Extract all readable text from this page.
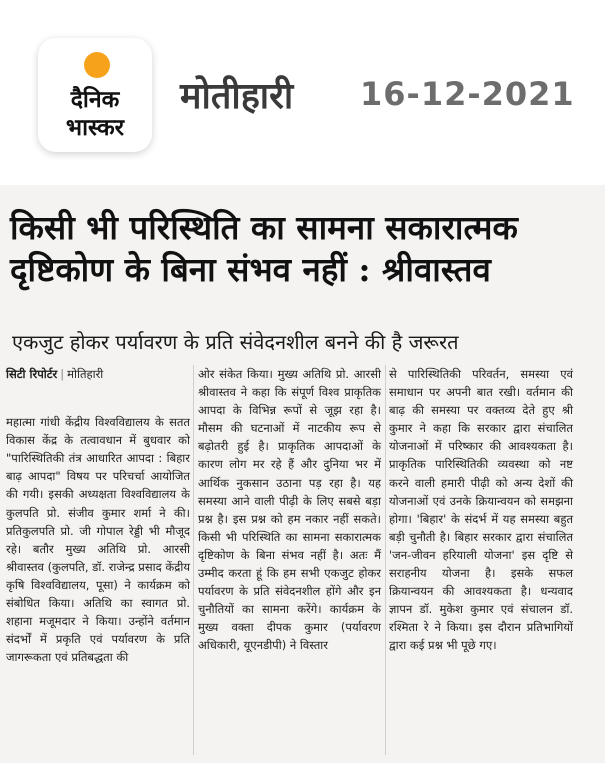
दैनिक
भास्कर
मोतीहारी 16-12-2021
किसी भी परिस्थिति का सामना सकारात्मक
दृष्टिकोण के बिना संभव नहीं : श्रीवास्तव
एकजुट होकर पर्यावरण के प्रति संवेदनशील बनने की है जरूरत
सिटी रिपोर्टर | मोतिहारी

महात्मा गांधी केंद्रीय विश्वविद्यालय के सतत विकास केंद्र के तत्वावधान में बुधवार को "पारिस्थितिकी तंत्र आधारित आपदा : बिहार बाढ़ आपदा" विषय पर परिचर्चा आयोजित की गयी। इसकी अध्यक्षता विश्वविद्यालय के कुलपति प्रो. संजीव कुमार शर्मा ने की। प्रतिकुलपति प्रो. जी गोपाल रेड्डी भी मौजूद रहे। बतौर मुख्य अतिथि प्रो. आरसी श्रीवास्तव (कुलपति, डॉ. राजेन्द्र प्रसाद केंद्रीय कृषि विश्वविद्यालय, पूसा) ने कार्यक्रम को संबोधित किया। अतिथि का स्वागत प्रो. शहाना मजूमदार ने किया। उन्होंने वर्तमान संदर्भों में प्रकृति एवं पर्यावरण के प्रति जागरूकता एवं प्रतिबद्धता की

ओर संकेत किया। मुख्य अतिथि प्रो. आरसी श्रीवास्तव ने कहा कि संपूर्ण विश्व प्राकृतिक आपदा के विभिन्न रूपों से जूझ रहा है। मौसम की घटनाओं में नाटकीय रूप से बढ़ोतरी हुई है। प्राकृतिक आपदाओं के कारण लोग मर रहे हैं और दुनिया भर में आर्थिक नुकसान उठाना पड़ रहा है। यह समस्या आने वाली पीढ़ी के लिए सबसे बड़ा प्रश्न है। इस प्रश्न को हम नकार नहीं सकते। किसी भी परिस्थिति का सामना सकारात्मक दृष्टिकोण के बिना संभव नहीं है। अतः मैं उम्मीद करता हूं कि हम सभी एकजुट होकर पर्यावरण के प्रति संवेदनशील होंगे और इन चुनौतियों का सामना करेंगे। कार्यक्रम के मुख्य वक्ता दीपक कुमार (पर्यावरण अधिकारी, यूएनडीपी) ने विस्तार

से पारिस्थितिकी परिवर्तन, समस्या एवं समाधान पर अपनी बात रखी। वर्तमान की बाढ़ की समस्या पर वक्तव्य देते हुए श्री कुमार ने कहा कि सरकार द्वारा संचालित योजनाओं में परिष्कार की आवश्यकता है। प्राकृतिक पारिस्थितिकी व्यवस्था को नष्ट करने वाली हमारी पीढ़ी को अन्य देशों की योजनाओं एवं उनके क्रियान्वयन को समझना होगा। 'बिहार' के संदर्भ में यह समस्या बहुत बड़ी चुनौती है। बिहार सरकार द्वारा संचालित 'जन-जीवन हरियाली योजना' इस दृष्टि से सराहनीय योजना है। इसके सफल क्रियान्वयन की आवश्यकता है। धन्यवाद ज्ञापन डॉ. मुकेश कुमार एवं संचालन डॉ. रश्मिता रे ने किया। इस दौरान प्रतिभागियों द्वारा कई प्रश्न भी पूछे गए।
